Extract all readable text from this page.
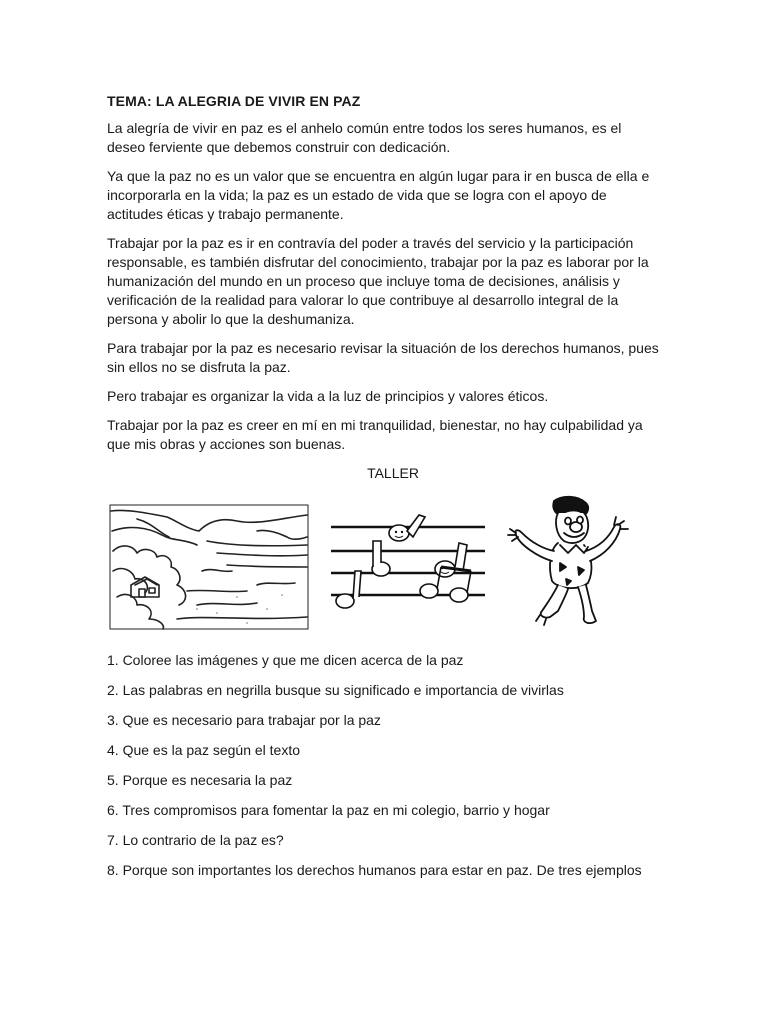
TEMA: LA ALEGRIA DE VIVIR EN PAZ

La alegría de vivir en paz es el anhelo común entre todos los seres humanos, es el deseo ferviente que debemos construir con dedicación.

Ya que la paz no es un valor que se encuentra en algún lugar para ir en busca de ella e incorporarla en la vida; la paz es un estado de vida que se logra con el apoyo de actitudes éticas y trabajo permanente.

Trabajar por la paz es ir en contravía del poder a través del servicio y la participación responsable, es también disfrutar del conocimiento, trabajar por la paz es laborar por la humanización del mundo en un proceso que incluye toma de decisiones, análisis y verificación de la realidad para valorar lo que contribuye al desarrollo integral de la persona y abolir lo que la deshumaniza.

Para trabajar por la paz es necesario revisar la situación de los derechos humanos, pues sin ellos no se disfruta la paz.

Pero trabajar es organizar la vida a la luz de principios y valores éticos.

Trabajar por la paz es creer en mí en mi tranquilidad, bienestar, no hay culpabilidad ya que mis obras y acciones son buenas.

TALLER

1. Coloree las imágenes y que me dicen acerca de la paz

2. Las palabras en negrilla busque su significado e importancia de vivirlas

3. Que es necesario para trabajar por la paz

4. Que es la paz según el texto

5. Porque es necesaria la paz

6. Tres compromisos para fomentar la paz en mi colegio, barrio y hogar

7. Lo contrario de la paz es?

8. Porque son importantes los derechos humanos para estar en paz. De tres ejemplos
